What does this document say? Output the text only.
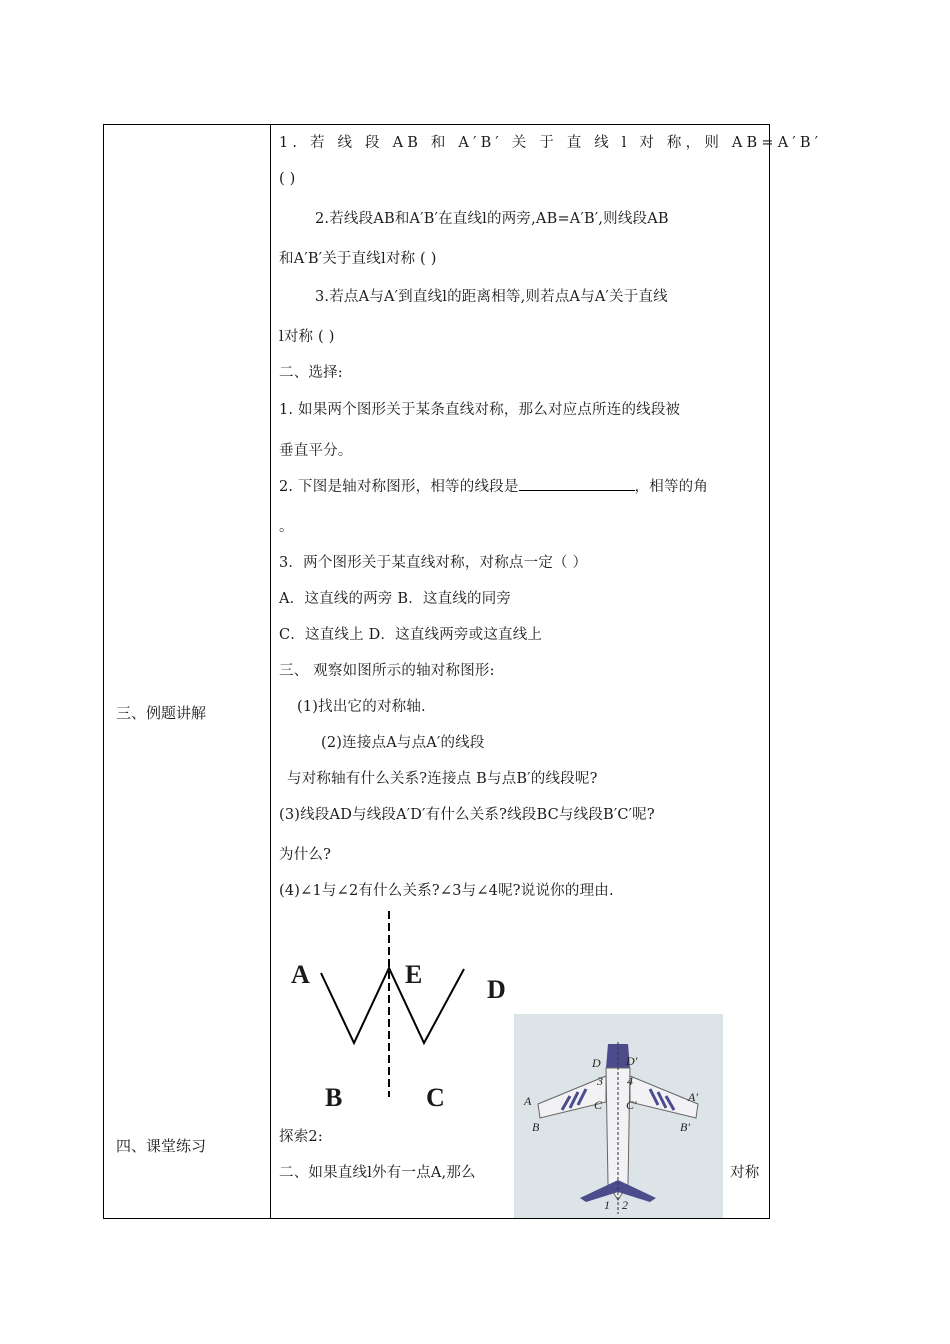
三、例题讲解
四、课堂练习
1. 若 线 段 AB 和 A′B′ 关 于 直 线 l 对 称，则 AB=A′B′
( )
2.若线段AB和A′B′在直线l的两旁,AB=A′B′,则线段AB
和A′B′关于直线l对称 ( )
3.若点A与A′到直线l的距离相等,则若点A与A′关于直线
l对称 ( )
二、选择:
1. 如果两个图形关于某条直线对称，那么对应点所连的线段被
垂直平分。
2. 下图是轴对称图形，相等的线段是	，相等的角
。
3．两个图形关于某直线对称，对称点一定（ ）
A．这直线的两旁 B．这直线的同旁
C．这直线上 D．这直线两旁或这直线上
三、 观察如图所示的轴对称图形:
(1)找出它的对称轴.
(2)连接点A与点A′的线段
与对称轴有什么关系?连接点 B与点B′的线段呢?
(3)线段AD与线段A′D′有什么关系?线段BC与线段B′C′呢?
为什么?
(4)∠1与∠2有什么关系?∠3与∠4呢?说说你的理由.
A	E
D
B	C
探索2:
二、如果直线l外有一点A,那么	对称
D D′
3 4
A	A′
C C′
B	B′
1 2
